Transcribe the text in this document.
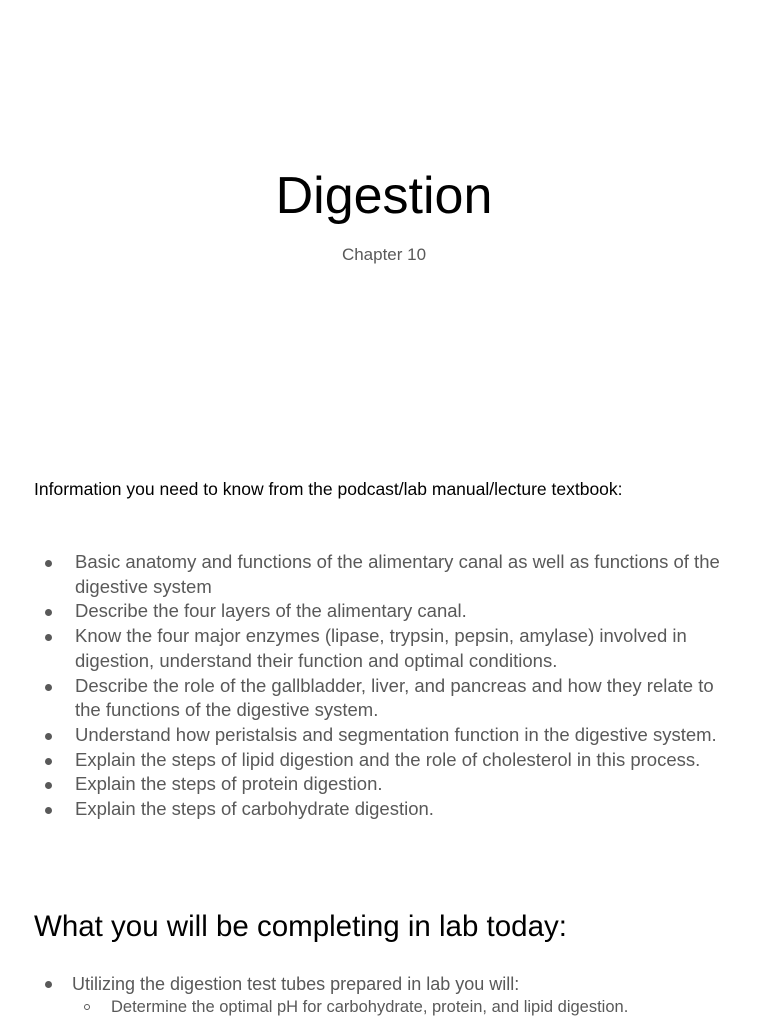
Digestion

Chapter 10

Information you need to know from the podcast/lab manual/lecture textbook:

Basic anatomy and functions of the alimentary canal as well as functions of the digestive system
Describe the four layers of the alimentary canal.
Know the four major enzymes (lipase, trypsin, pepsin, amylase) involved in digestion, understand their function and optimal conditions.
Describe the role of the gallbladder, liver, and pancreas and how they relate to the functions of the digestive system.
Understand how peristalsis and segmentation function in the digestive system.
Explain the steps of lipid digestion and the role of cholesterol in this process.
Explain the steps of protein digestion.
Explain the steps of carbohydrate digestion.
What you will be completing in lab today:
Utilizing the digestion test tubes prepared in lab you will:
Determine the optimal pH for carbohydrate, protein, and lipid digestion.
